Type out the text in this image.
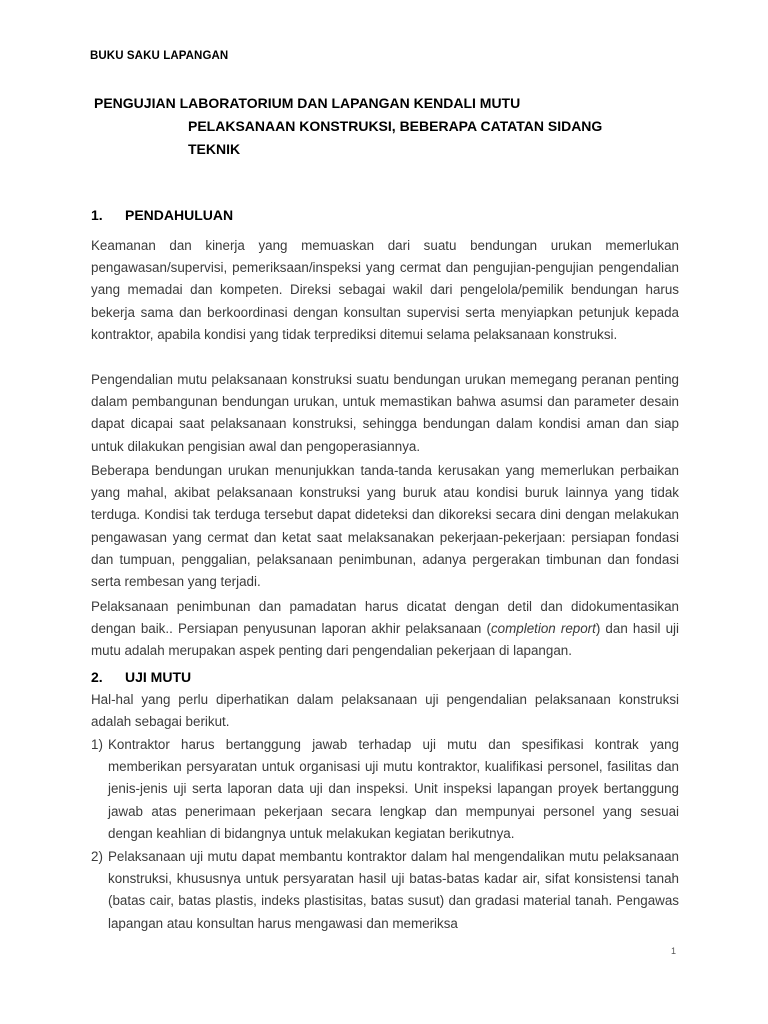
BUKU SAKU LAPANGAN
PENGUJIAN LABORATORIUM DAN LAPANGAN KENDALI MUTU
PELAKSANAAN KONSTRUKSI, BEBERAPA CATATAN SIDANG
TEKNIK
1. PENDAHULUAN
Keamanan dan kinerja yang memuaskan dari suatu bendungan urukan memerlukan pengawasan/supervisi, pemeriksaan/inspeksi yang cermat dan pengujian-pengujian pengendalian yang memadai dan kompeten. Direksi sebagai wakil dari pengelola/pemilik bendungan harus bekerja sama dan berkoordinasi dengan konsultan supervisi serta menyiapkan petunjuk kepada kontraktor, apabila kondisi yang tidak terprediksi ditemui selama pelaksanaan konstruksi.
Pengendalian mutu pelaksanaan konstruksi suatu bendungan urukan memegang peranan penting dalam pembangunan bendungan urukan, untuk memastikan bahwa asumsi dan parameter desain dapat dicapai saat pelaksanaan konstruksi, sehingga bendungan dalam kondisi aman dan siap untuk dilakukan pengisian awal dan pengoperasiannya.
Beberapa bendungan urukan menunjukkan tanda-tanda kerusakan yang memerlukan perbaikan yang mahal, akibat pelaksanaan konstruksi yang buruk atau kondisi buruk lainnya yang tidak terduga. Kondisi tak terduga tersebut dapat dideteksi dan dikoreksi secara dini dengan melakukan pengawasan yang cermat dan ketat saat melaksanakan pekerjaan-pekerjaan: persiapan fondasi dan tumpuan, penggalian, pelaksanaan penimbunan, adanya pergerakan timbunan dan fondasi serta rembesan yang terjadi.
Pelaksanaan penimbunan dan pamadatan harus dicatat dengan detil dan didokumentasikan dengan baik.. Persiapan penyusunan laporan akhir pelaksanaan (completion report) dan hasil uji mutu adalah merupakan aspek penting dari pengendalian pekerjaan di lapangan.
2. UJI MUTU
Hal-hal yang perlu diperhatikan dalam pelaksanaan uji pengendalian pelaksanaan konstruksi adalah sebagai berikut.
1) Kontraktor harus bertanggung jawab terhadap uji mutu dan spesifikasi kontrak yang memberikan persyaratan untuk organisasi uji mutu kontraktor, kualifikasi personel, fasilitas dan jenis-jenis uji serta laporan data uji dan inspeksi. Unit inspeksi lapangan proyek bertanggung jawab atas penerimaan pekerjaan secara lengkap dan mempunyai personel yang sesuai dengan keahlian di bidangnya untuk melakukan kegiatan berikutnya.
2) Pelaksanaan uji mutu dapat membantu kontraktor dalam hal mengendalikan mutu pelaksanaan konstruksi, khususnya untuk persyaratan hasil uji batas-batas kadar air, sifat konsistensi tanah (batas cair, batas plastis, indeks plastisitas, batas susut) dan gradasi material tanah. Pengawas lapangan atau konsultan harus mengawasi dan memeriksa
1
